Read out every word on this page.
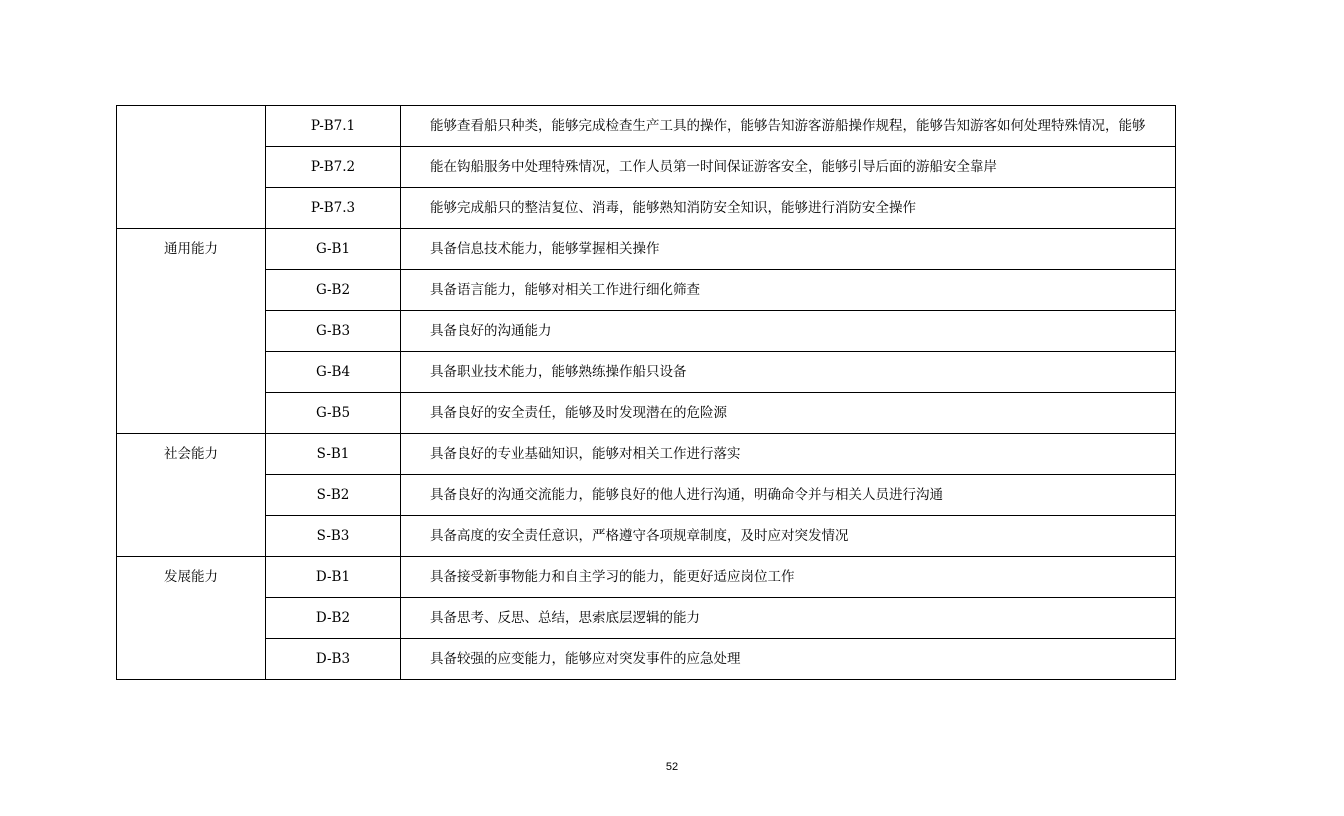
	P-B7.1	能够查看船只种类，能够完成检查生产工具的操作，能够告知游客游船操作规程，能够告知游客如何处理特殊情况，能够
	P-B7.2	能在钩船服务中处理特殊情况，工作人员第一时间保证游客安全，能够引导后面的游船安全靠岸
	P-B7.3	能够完成船只的整洁复位、消毒，能够熟知消防安全知识，能够进行消防安全操作
通用能力	G-B1	具备信息技术能力，能够掌握相关操作
	G-B2	具备语言能力，能够对相关工作进行细化筛查
	G-B3	具备良好的沟通能力
	G-B4	具备职业技术能力，能够熟练操作船只设备
	G-B5	具备良好的安全责任，能够及时发现潜在的危险源
社会能力	S-B1	具备良好的专业基础知识，能够对相关工作进行落实
	S-B2	具备良好的沟通交流能力，能够良好的他人进行沟通，明确命令并与相关人员进行沟通
	S-B3	具备高度的安全责任意识，严格遵守各项规章制度，及时应对突发情况
发展能力	D-B1	具备接受新事物能力和自主学习的能力，能更好适应岗位工作
	D-B2	具备思考、反思、总结，思索底层逻辑的能力
	D-B3	具备较强的应变能力，能够应对突发事件的应急处理
52
